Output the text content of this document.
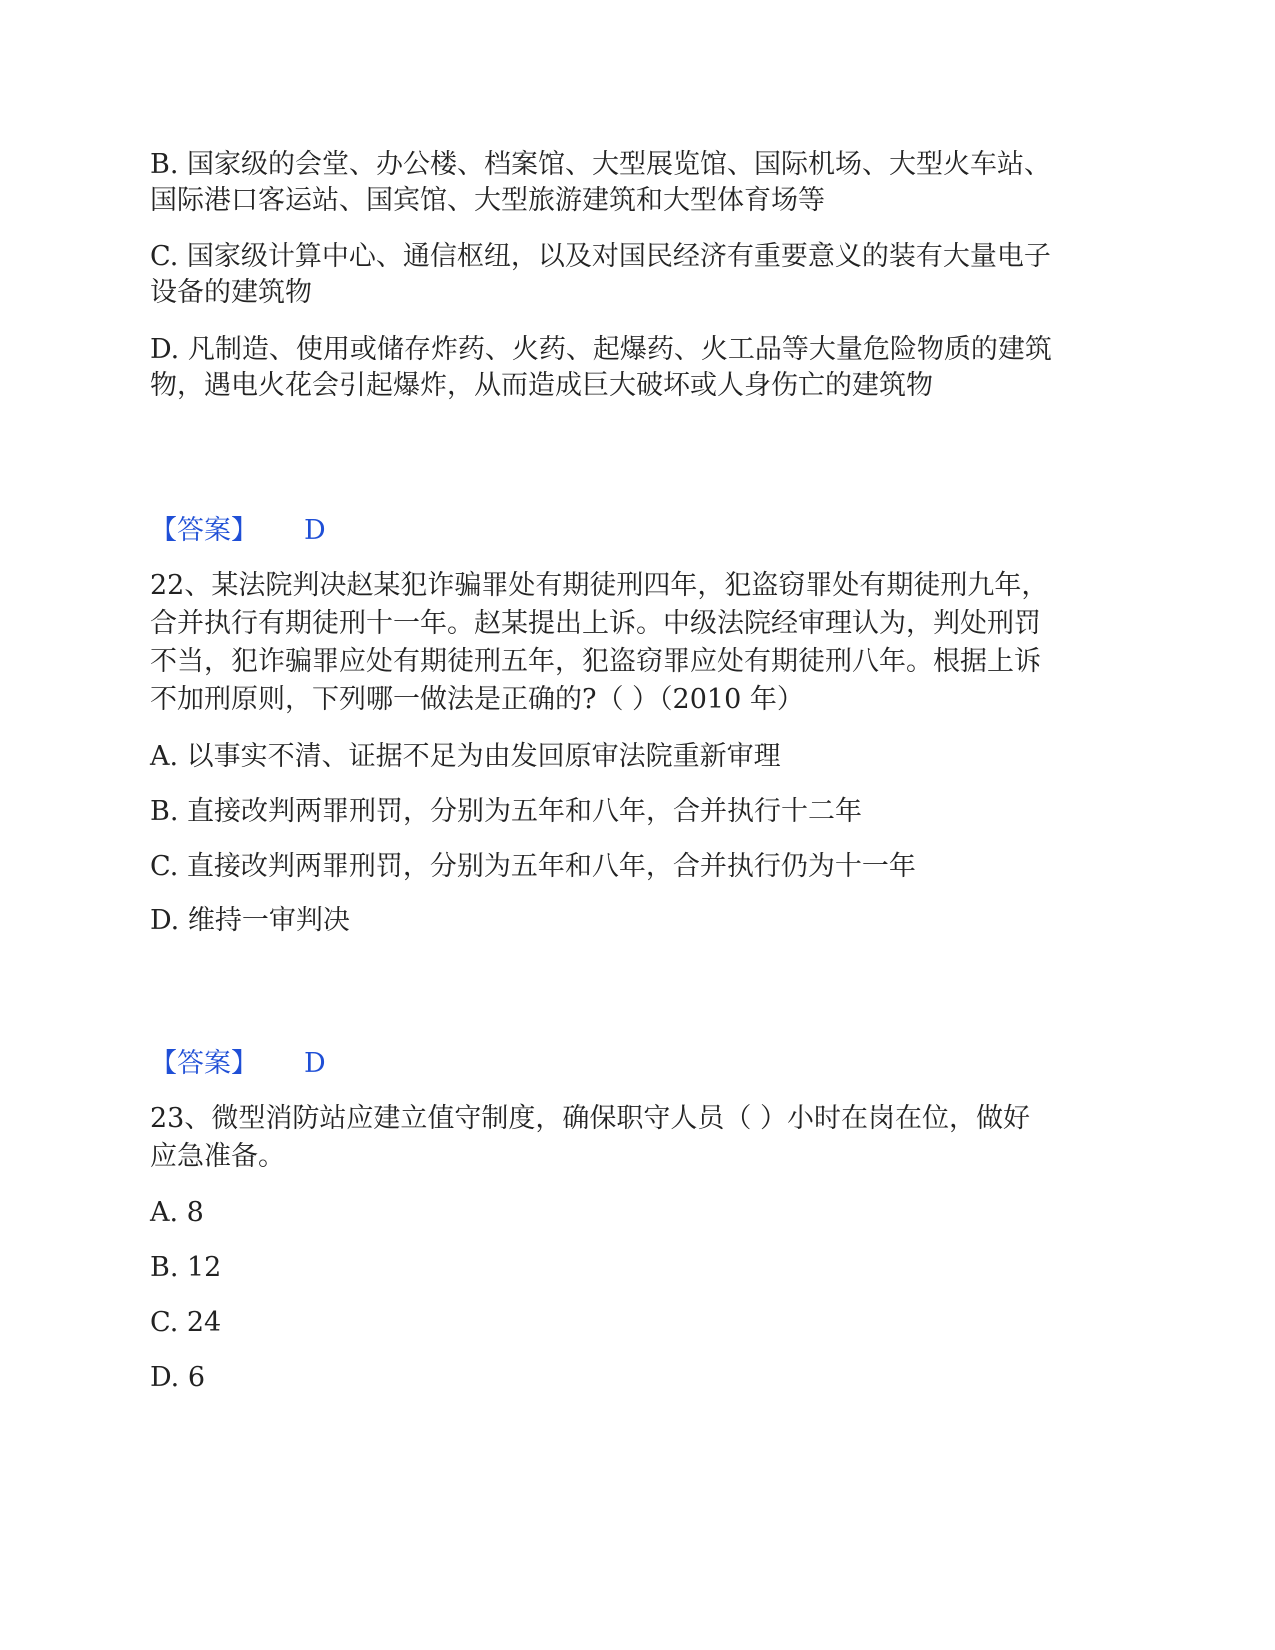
B. 国家级的会堂、办公楼、档案馆、大型展览馆、国际机场、大型火车站、
国际港口客运站、国宾馆、大型旅游建筑和大型体育场等
C. 国家级计算中心、通信枢纽，以及对国民经济有重要意义的装有大量电子
设备的建筑物
D. 凡制造、使用或储存炸药、火药、起爆药、火工品等大量危险物质的建筑
物，遇电火花会引起爆炸，从而造成巨大破坏或人身伤亡的建筑物
【答案】 D
22、某法院判决赵某犯诈骗罪处有期徒刑四年，犯盗窃罪处有期徒刑九年，
合并执行有期徒刑十一年。赵某提出上诉。中级法院经审理认为，判处刑罚
不当，犯诈骗罪应处有期徒刑五年，犯盗窃罪应处有期徒刑八年。根据上诉
不加刑原则，下列哪一做法是正确的?（ ）（2010 年）
A. 以事实不清、证据不足为由发回原审法院重新审理
B. 直接改判两罪刑罚，分别为五年和八年，合并执行十二年
C. 直接改判两罪刑罚，分别为五年和八年，合并执行仍为十一年
D. 维持一审判决
【答案】 D
23、微型消防站应建立值守制度，确保职守人员（ ）小时在岗在位，做好
应急准备。
A. 8
B. 12
C. 24
D. 6
